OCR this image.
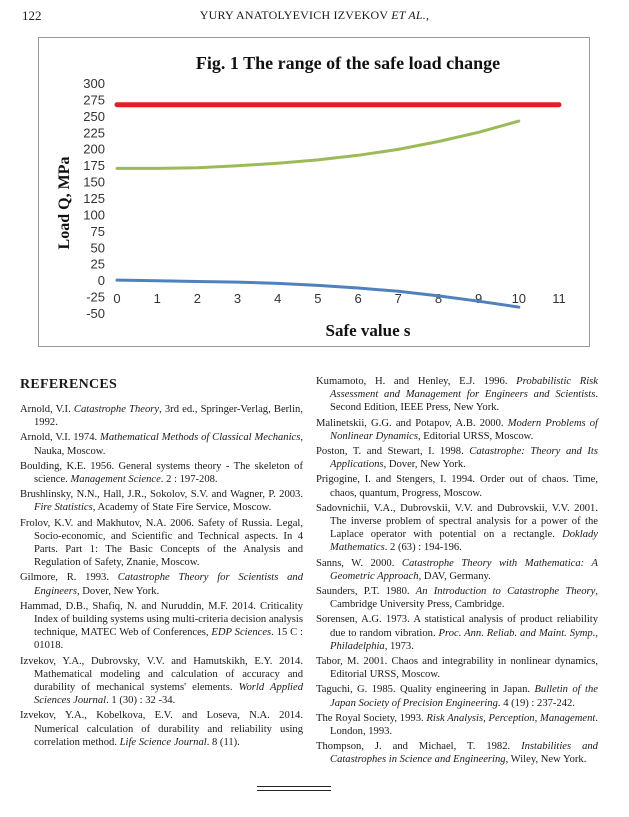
122	YURY ANATOLYEVICH IZVEKOV ET AL.,
Fig. 1 The range of the safe load change
300
275
250
225
200
175
150
125
100
75
50
25
0
-25
-50
0	1	2	3	4	5	6	7	8	9 10 11
Safe value s
Load Q, MPa
REFERENCES
Arnold, V.I. Catastrophe Theory, 3rd ed., Springer-Verlag, Berlin, 1992.
Arnold, V.I. 1974. Mathematical Methods of Classical Mechanics, Nauka, Moscow.
Boulding, K.E. 1956. General systems theory - The skeleton of science. Management Science. 2 : 197-208.
Brushlinsky, N.N., Hall, J.R., Sokolov, S.V. and Wagner, P. 2003. Fire Statistics, Academy of State Fire Service, Moscow.
Frolov, K.V. and Makhutov, N.A. 2006. Safety of Russia. Legal, Socio-economic, and Scientific and Technical aspects. In 4 Parts. Part 1: The Basic Concepts of the Analysis and Regulation of Safety, Znanie, Moscow.
Gilmore, R. 1993. Catastrophe Theory for Scientists and Engineers, Dover, New York.
Hammad, D.B., Shafiq, N. and Nuruddin, M.F. 2014. Criticality Index of building systems using multi-criteria decision analysis technique, MATEC Web of Conferences, EDP Sciences. 15 C : 01018.
Izvekov, Y.A., Dubrovsky, V.V. and Hamutskikh, E.Y. 2014. Mathematical modeling and calculation of accuracy and durability of mechanical systems' elements. World Applied Sciences Journal. 1 (30) : 32 -34.
Izvekov, Y.A., Kobelkova, E.V. and Loseva, N.A. 2014. Numerical calculation of durability and reliability using correlation method. Life Science Journal. 8 (11).
Kumamoto, H. and Henley, E.J. 1996. Probabilistic Risk Assessment and Management for Engineers and Scientists. Second Edition, IEEE Press, New York.
Malinetskii, G.G. and Potapov, A.B. 2000. Modern Problems of Nonlinear Dynamics, Editorial URSS, Moscow.
Poston, T. and Stewart, I. 1998. Catastrophe: Theory and Its Applications, Dover, New York.
Prigogine, I. and Stengers, I. 1994. Order out of chaos. Time, chaos, quantum, Progress, Moscow.
Sadovnichii, V.A., Dubrovskii, V.V. and Dubrovskii, V.V. 2001. The inverse problem of spectral analysis for a power of the Laplace operator with potential on a rectangle. Doklady Mathematics. 2 (63) : 194-196.
Sanns, W. 2000. Catastrophe Theory with Mathematica: A Geometric Approach, DAV, Germany.
Saunders, P.T. 1980. An Introduction to Catastrophe Theory, Cambridge University Press, Cambridge.
Sorensen, A.G. 1973. A statistical analysis of product reliability due to random vibration. Proc. Ann. Reliab. and Maint. Symp., Philadelphia, 1973.
Tabor, M. 2001. Chaos and integrability in nonlinear dynamics, Editorial URSS, Moscow.
Taguchi, G. 1985. Quality engineering in Japan. Bulletin of the Japan Society of Precision Engineering. 4 (19) : 237-242.
The Royal Society, 1993. Risk Analysis, Perception, Management. London, 1993.
Thompson, J. and Michael, T. 1982. Instabilities and Catastrophes in Science and Engineering, Wiley, New York.
